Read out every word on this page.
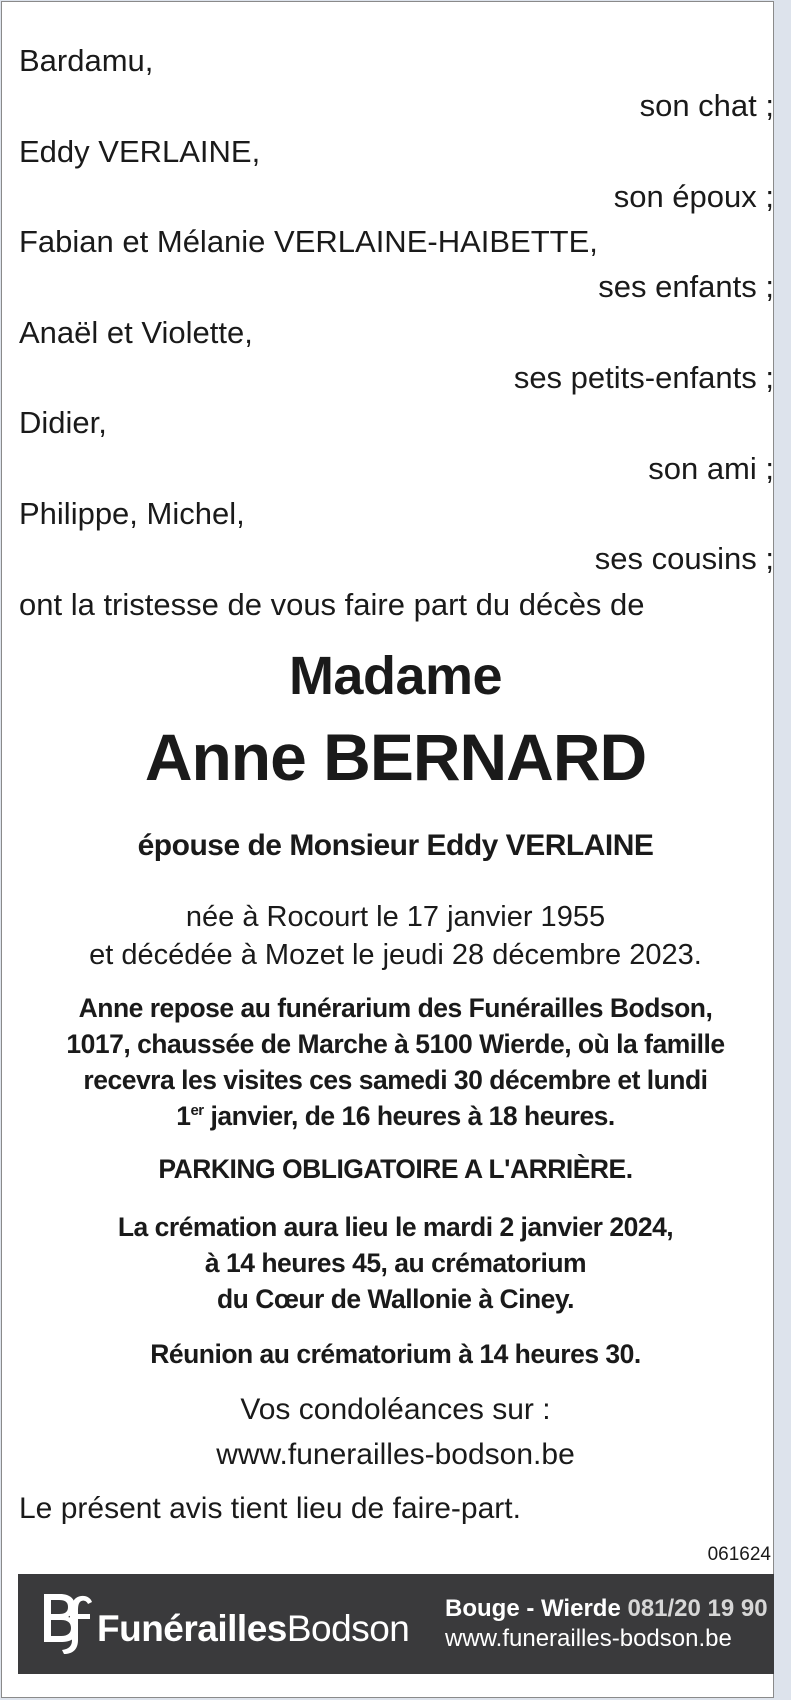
Bardamu,
son chat ;
Eddy VERLAINE,
son époux ;
Fabian et Mélanie VERLAINE-HAIBETTE,
ses enfants ;
Anaël et Violette,
ses petits-enfants ;
Didier,
son ami ;
Philippe, Michel,
ses cousins ;
ont la tristesse de vous faire part du décès de
Madame
Anne BERNARD
épouse de Monsieur Eddy VERLAINE
née à Rocourt le 17 janvier 1955
et décédée à Mozet le jeudi 28 décembre 2023.
Anne repose au funérarium des Funérailles Bodson,
1017, chaussée de Marche à 5100 Wierde, où la famille
recevra les visites ces samedi 30 décembre et lundi
1er janvier, de 16 heures à 18 heures.
PARKING OBLIGATOIRE A L'ARRIÈRE.
La crémation aura lieu le mardi 2 janvier 2024,
à 14 heures 45, au crématorium
du Cœur de Wallonie à Ciney.
Réunion au crématorium à 14 heures 30.
Vos condoléances sur :
www.funerailles-bodson.be
Le présent avis tient lieu de faire-part.
061624
FunéraillesBodson Bouge - Wierde 081/20 19 90
www.funerailles-bodson.be
